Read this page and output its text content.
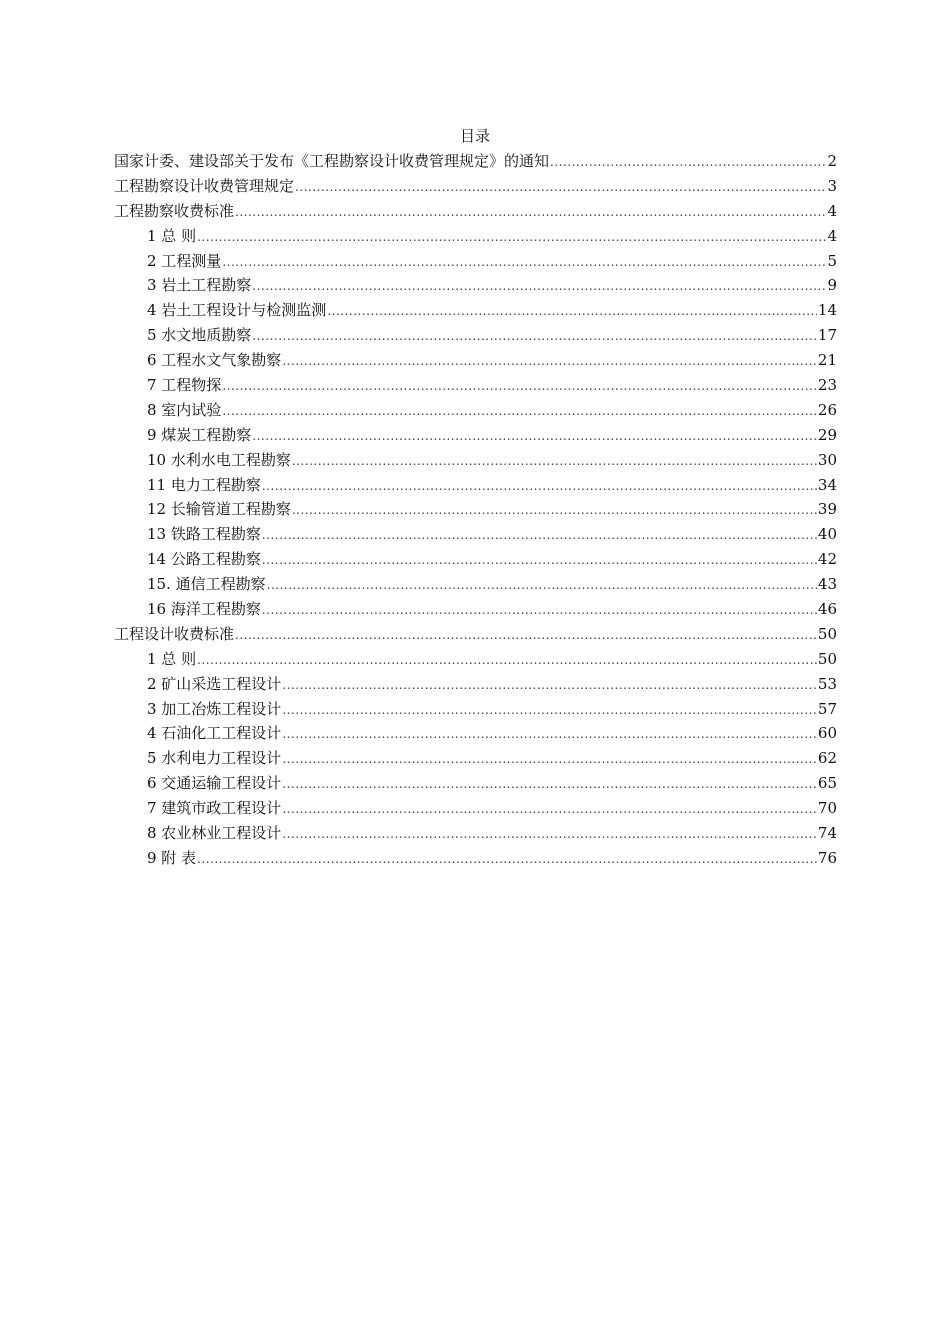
目录
国家计委、建设部关于发布《工程勘察设计收费管理规定》的通知 .....	2
工程勘察设计收费管理规定 .....	3
工程勘察收费标准 .....	4
1 总 则 .....	4
2 工程测量 .....	5
3 岩土工程勘察 .....	9
4 岩土工程设计与检测监测 .....	14
5 水文地质勘察 .....	17
6 工程水文气象勘察 .....	21
7 工程物探 .....	23
8 室内试验 .....	26
9 煤炭工程勘察 .....	29
10 水利水电工程勘察 .....	30
11 电力工程勘察 .....	34
12 长输管道工程勘察 .....	39
13 铁路工程勘察 .....	40
14 公路工程勘察 .....	42
15. 通信工程勘察 .....	43
16 海洋工程勘察 .....	46
工程设计收费标准 .....	50
1 总 则 .....	50
2 矿山采选工程设计 .....	53
3 加工冶炼工程设计 .....	57
4 石油化工工程设计 .....	60
5 水利电力工程设计 .....	62
6 交通运输工程设计 .....	65
7 建筑市政工程设计 .....	70
8 农业林业工程设计 .....	74
9 附 表 .....	76
